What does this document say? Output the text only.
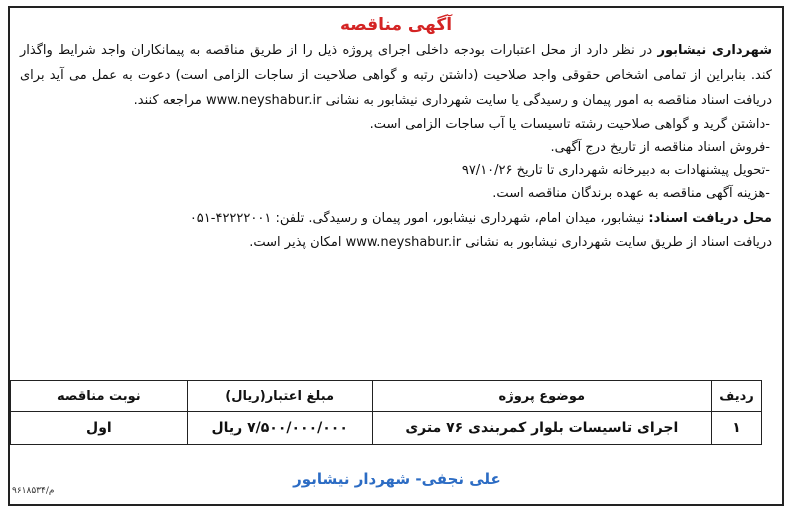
آگهی مناقصه
شهرداری نیشابور در نظر دارد از محل اعتبارات بودجه داخلی اجرای پروژه ذیل را از طریق مناقصه به پیمانکاران واجد شرایط واگذار کند. بنابراین از تمامی اشخاص حقوقی واجد صلاحیت (داشتن رتبه و گواهی صلاحیت از ساجات الزامی است) دعوت به عمل می آید برای دریافت اسناد مناقصه به امور پیمان و رسیدگی یا سایت شهرداری نیشابور به نشانی www.neyshabur.ir مراجعه کنند.
-داشتن گرید و گواهی صلاحیت رشته تاسیسات یا آب ساجات الزامی است.
-فروش اسناد مناقصه از تاریخ درج آگهی.
-تحویل پیشنهادات به دبیرخانه شهرداری تا تاریخ ۹۷/۱۰/۲۶
-هزینه آگهی مناقصه به عهده برندگان مناقصه است.
محل دریافت اسناد: نیشابور، میدان امام، شهرداری نیشابور، امور پیمان و رسیدگی. تلفن: ۰۵۱-۴۲۲۲۲۰۰۱
دریافت اسناد از طریق سایت شهرداری نیشابور به نشانی www.neyshabur.ir امکان پذیر است.
ردیف	موضوع پروژه	مبلغ اعتبار(ریال)	نوبت مناقصه
۱	اجرای تاسیسات بلوار کمربندی ۷۶ متری	۷/۵۰۰/۰۰۰/۰۰۰ ریال	اول
علی نجفی- شهردار نیشابور
م/۹۶۱۸۵۳۴
